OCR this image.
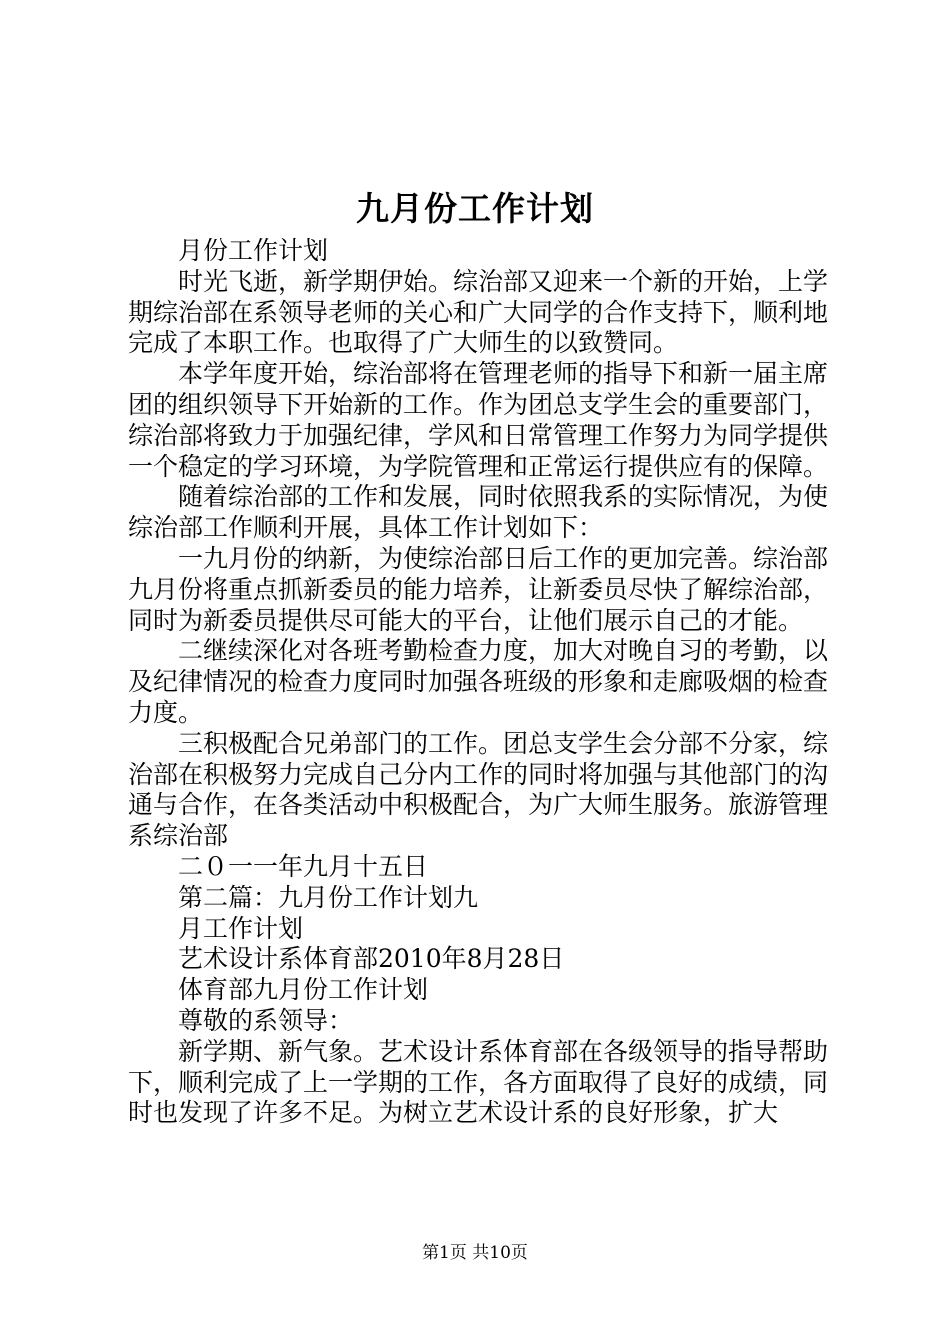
九月份工作计划

月份工作计划

时光飞逝，新学期伊始。综治部又迎来一个新的开始，上学期综治部在系领导老师的关心和广大同学的合作支持下，顺利地完成了本职工作。也取得了广大师生的以致赞同。

本学年度开始，综治部将在管理老师的指导下和新一届主席团的组织领导下开始新的工作。作为团总支学生会的重要部门，综治部将致力于加强纪律，学风和日常管理工作努力为同学提供一个稳定的学习环境，为学院管理和正常运行提供应有的保障。

随着综治部的工作和发展，同时依照我系的实际情况，为使综治部工作顺利开展，具体工作计划如下：

一九月份的纳新，为使综治部日后工作的更加完善。综治部九月份将重点抓新委员的能力培养，让新委员尽快了解综治部，同时为新委员提供尽可能大的平台，让他们展示自己的才能。

二继续深化对各班考勤检查力度，加大对晚自习的考勤，以及纪律情况的检查力度同时加强各班级的形象和走廊吸烟的检查力度。

三积极配合兄弟部门的工作。团总支学生会分部不分家，综治部在积极努力完成自己分内工作的同时将加强与其他部门的沟通与合作，在各类活动中积极配合，为广大师生服务。旅游管理系综治部

二０一一年九月十五日

第二篇：九月份工作计划九

月工作计划

艺术设计系体育部2010年8月28日

体育部九月份工作计划

尊敬的系领导：

新学期、新气象。艺术设计系体育部在各级领导的指导帮助下，顺利完成了上一学期的工作，各方面取得了良好的成绩，同时也发现了许多不足。为树立艺术设计系的良好形象，扩大

第1页 共10页
